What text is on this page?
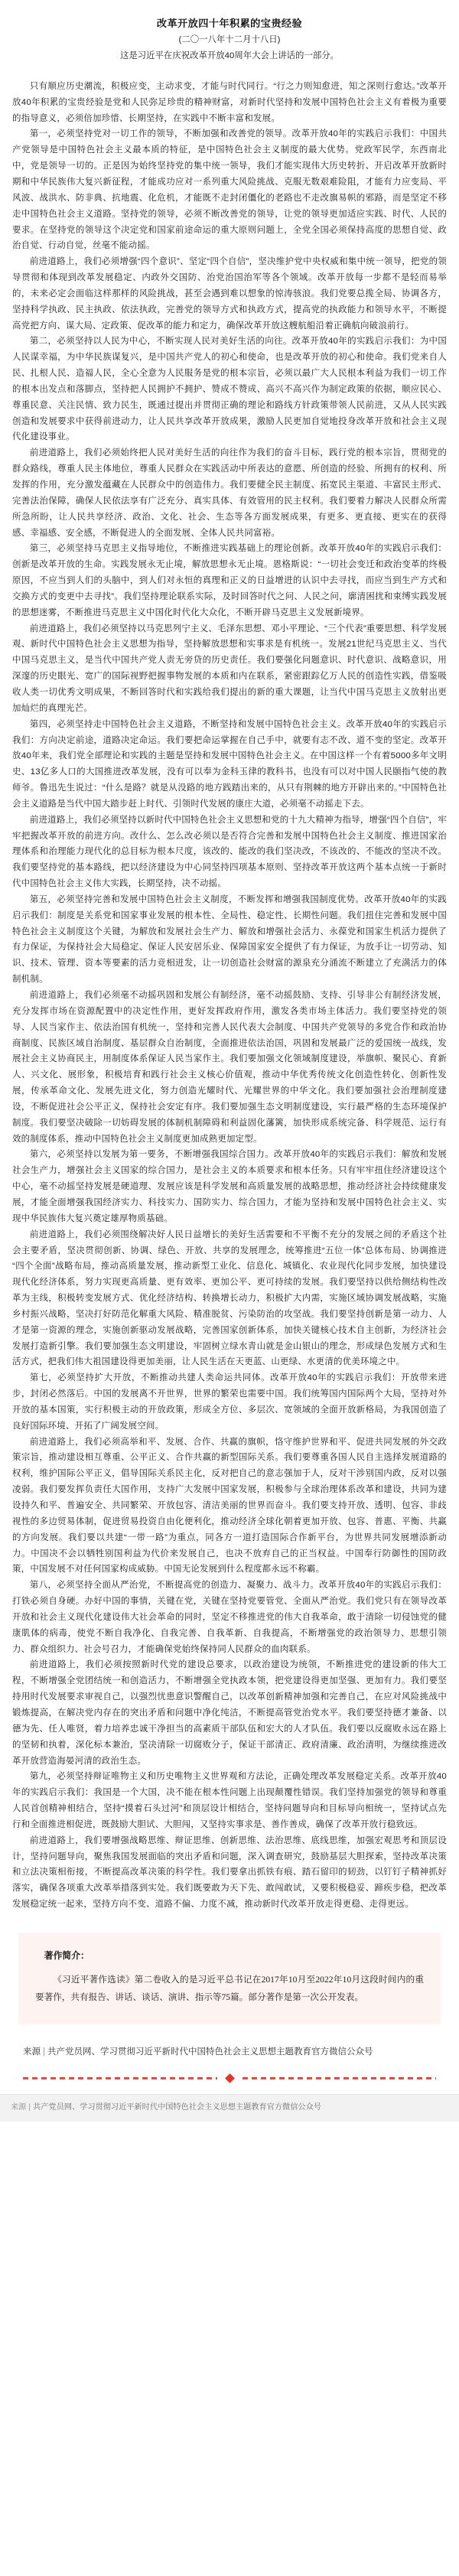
改革开放四十年积累的宝贵经验
(二〇一八年十二月十八日)
这是习近平在庆祝改革开放40周年大会上讲话的一部分。

只有顺应历史潮流，积极应变，主动求变，才能与时代同行。“行之力则知愈进，知之深则行愈达。”改革开放40年积累的宝贵经验是党和人民弥足珍贵的精神财富，对新时代坚持和发展中国特色社会主义有着极为重要的指导意义，必须倍加珍惜、长期坚持，在实践中不断丰富和发展。

第一，必须坚持党对一切工作的领导，不断加强和改善党的领导。改革开放40年的实践启示我们：中国共产党领导是中国特色社会主义最本质的特征，是中国特色社会主义制度的最大优势。党政军民学，东西南北中，党是领导一切的。正是因为始终坚持党的集中统一领导，我们才能实现伟大历史转折、开启改革开放新时期和中华民族伟大复兴新征程，才能成功应对一系列重大风险挑战、克服无数艰难险阻，才能有力应变局、平风波、战洪水、防非典、抗地震、化危机，才能既不走封闭僵化的老路也不走改旗易帜的邪路，而是坚定不移走中国特色社会主义道路。坚持党的领导，必须不断改善党的领导，让党的领导更加适应实践、时代、人民的要求。在坚持党的领导这个决定党和国家前途命运的重大原则问题上，全党全国必须保持高度的思想自觉、政治自觉、行动自觉，丝毫不能动摇。

前进道路上，我们必须增强“四个意识”、坚定“四个自信”，坚决维护党中央权威和集中统一领导，把党的领导贯彻和体现到改革发展稳定、内政外交国防、治党治国治军等各个领域。改革开放每一步都不是轻而易举的，未来必定会面临这样那样的风险挑战，甚至会遇到难以想象的惊涛骇浪。我们党要总揽全局、协调各方，坚持科学执政、民主执政、依法执政，完善党的领导方式和执政方式，提高党的执政能力和领导水平，不断提高党把方向、谋大局、定政策、促改革的能力和定力，确保改革开放这艘航船沿着正确航向破浪前行。

第二，必须坚持以人民为中心，不断实现人民对美好生活的向往。改革开放40年的实践启示我们：为中国人民谋幸福，为中华民族谋复兴，是中国共产党人的初心和使命，也是改革开放的初心和使命。我们党来自人民、扎根人民、造福人民，全心全意为人民服务是党的根本宗旨，必须以最广大人民根本利益为我们一切工作的根本出发点和落脚点，坚持把人民拥护不拥护、赞成不赞成、高兴不高兴作为制定政策的依据，顺应民心、尊重民意、关注民情、致力民生，既通过提出并贯彻正确的理论和路线方针政策带领人民前进，又从人民实践创造和发展要求中获得前进动力，让人民共享改革开放成果，激励人民更加自觉地投身改革开放和社会主义现代化建设事业。

前进道路上，我们必须始终把人民对美好生活的向往作为我们的奋斗目标，践行党的根本宗旨，贯彻党的群众路线，尊重人民主体地位，尊重人民群众在实践活动中所表达的意愿、所创造的经验、所拥有的权利、所发挥的作用，充分激发蕴藏在人民群众中的创造伟力。我们要健全民主制度、拓宽民主渠道、丰富民主形式、完善法治保障，确保人民依法享有广泛充分、真实具体、有效管用的民主权利。我们要着力解决人民群众所需所急所盼，让人民共享经济、政治、文化、社会、生态等各方面发展成果，有更多、更直接、更实在的获得感、幸福感、安全感，不断促进人的全面发展、全体人民共同富裕。

第三，必须坚持马克思主义指导地位，不断推进实践基础上的理论创新。改革开放40年的实践启示我们：创新是改革开放的生命。实践发展永无止境，解放思想永无止境。恩格斯说：“一切社会变迁和政治变革的终极原因，不应当到人们的头脑中，到人们对永恒的真理和正义的日益增进的认识中去寻找，而应当到生产方式和交换方式的变更中去寻找”。我们坚持理论联系实际，及时回答时代之问、人民之问，廓清困扰和束缚实践发展的思想迷雾，不断推进马克思主义中国化时代化大众化，不断开辟马克思主义发展新境界。

前进道路上，我们必须坚持以马克思列宁主义、毛泽东思想、邓小平理论、“三个代表”重要思想、科学发展观、新时代中国特色社会主义思想为指导，坚持解放思想和实事求是有机统一。发展21世纪马克思主义、当代中国马克思主义，是当代中国共产党人责无旁贷的历史责任。我们要强化问题意识、时代意识、战略意识，用深邃的历史眼光、宽广的国际视野把握事物发展的本质和内在联系，紧密跟踪亿万人民的创造性实践，借鉴吸收人类一切优秀文明成果，不断回答时代和实践给我们提出的新的重大课题，让当代中国马克思主义放射出更加灿烂的真理光芒。

第四，必须坚持走中国特色社会主义道路，不断坚持和发展中国特色社会主义。改革开放40年的实践启示我们：方向决定前途，道路决定命运。我们要把命运掌握在自己手中，就要有志不改、道不变的坚定。改革开放40年来，我们党全部理论和实践的主题是坚持和发展中国特色社会主义。在中国这样一个有着5000多年文明史、13亿多人口的大国推进改革发展，没有可以奉为金科玉律的教科书，也没有可以对中国人民颐指气使的教师爷。鲁迅先生说过：“什么是路？就是从没路的地方践踏出来的，从只有荆棘的地方开辟出来的。”中国特色社会主义道路是当代中国大踏步赶上时代、引领时代发展的康庄大道，必须毫不动摇走下去。

前进道路上，我们必须坚持以新时代中国特色社会主义思想和党的十九大精神为指导，增强“四个自信”，牢牢把握改革开放的前进方向。改什么、怎么改必须以是否符合完善和发展中国特色社会主义制度、推进国家治理体系和治理能力现代化的总目标为根本尺度，该改的、能改的我们坚决改，不该改的、不能改的坚决不改。我们要坚持党的基本路线，把以经济建设为中心同坚持四项基本原则、坚持改革开放这两个基本点统一于新时代中国特色社会主义伟大实践，长期坚持，决不动摇。

第五，必须坚持完善和发展中国特色社会主义制度，不断发挥和增强我国制度优势。改革开放40年的实践启示我们：制度是关系党和国家事业发展的根本性、全局性、稳定性、长期性问题。我们扭住完善和发展中国特色社会主义制度这个关键，为解放和发展社会生产力、解放和增强社会活力、永葆党和国家生机活力提供了有力保证，为保持社会大局稳定、保证人民安居乐业、保障国家安全提供了有力保证，为放手让一切劳动、知识、技术、管理、资本等要素的活力竞相迸发，让一切创造社会财富的源泉充分涌流不断建立了充满活力的体制机制。

前进道路上，我们必须毫不动摇巩固和发展公有制经济，毫不动摇鼓励、支持、引导非公有制经济发展，充分发挥市场在资源配置中的决定性作用，更好发挥政府作用，激发各类市场主体活力。我们要坚持党的领导、人民当家作主、依法治国有机统一，坚持和完善人民代表大会制度、中国共产党领导的多党合作和政治协商制度、民族区域自治制度、基层群众自治制度，全面推进依法治国，巩固和发展最广泛的爱国统一战线，发展社会主义协商民主，用制度体系保证人民当家作主。我们要加强文化领域制度建设，举旗帜、聚民心、育新人、兴文化、展形象，积极培育和践行社会主义核心价值观，推动中华优秀传统文化创造性转化、创新性发展，传承革命文化、发展先进文化，努力创造光耀时代、光耀世界的中华文化。我们要加强社会治理制度建设，不断促进社会公平正义，保持社会安定有序。我们要加强生态文明制度建设，实行最严格的生态环境保护制度。我们要坚决破除一切妨碍发展的体制机制障碍和利益固化藩篱，加快形成系统完备、科学规范、运行有效的制度体系，推动中国特色社会主义制度更加成熟更加定型。

第六，必须坚持以发展为第一要务，不断增强我国综合国力。改革开放40年的实践启示我们：解放和发展社会生产力，增强社会主义国家的综合国力，是社会主义的本质要求和根本任务。只有牢牢扭住经济建设这个中心，毫不动摇坚持发展是硬道理、发展应该是科学发展和高质量发展的战略思想，推动经济社会持续健康发展，才能全面增强我国经济实力、科技实力、国防实力、综合国力，才能为坚持和发展中国特色社会主义、实现中华民族伟大复兴奠定雄厚物质基础。

前进道路上，我们必须围绕解决好人民日益增长的美好生活需要和不平衡不充分的发展之间的矛盾这个社会主要矛盾，坚决贯彻创新、协调、绿色、开放、共享的发展理念，统筹推进“五位一体”总体布局、协调推进“四个全面”战略布局，推动高质量发展，推动新型工业化、信息化、城镇化、农业现代化同步发展，加快建设现代化经济体系，努力实现更高质量、更有效率、更加公平、更可持续的发展。我们要坚持以供给侧结构性改革为主线，积极转变发展方式、优化经济结构、转换增长动力，积极扩大内需，实施区域协调发展战略，实施乡村振兴战略，坚决打好防范化解重大风险、精准脱贫、污染防治的攻坚战。我们要坚持创新是第一动力、人才是第一资源的理念，实施创新驱动发展战略，完善国家创新体系，加快关键核心技术自主创新，为经济社会发展打造新引擎。我们要加强生态文明建设，牢固树立绿水青山就是金山银山的理念，形成绿色发展方式和生活方式，把我们伟大祖国建设得更加美丽，让人民生活在天更蓝、山更绿、水更清的优美环境之中。

第七，必须坚持扩大开放，不断推动共建人类命运共同体。改革开放40年的实践启示我们：开放带来进步，封闭必然落后。中国的发展离不开世界，世界的繁荣也需要中国。我们统筹国内国际两个大局，坚持对外开放的基本国策，实行积极主动的开放政策，形成全方位、多层次、宽领域的全面开放新格局，为我国创造了良好国际环境、开拓了广阔发展空间。

前进道路上，我们必须高举和平、发展、合作、共赢的旗帜，恪守维护世界和平、促进共同发展的外交政策宗旨，推动建设相互尊重、公平正义、合作共赢的新型国际关系。我们要尊重各国人民自主选择发展道路的权利，维护国际公平正义，倡导国际关系民主化，反对把自己的意志强加于人，反对干涉别国内政，反对以强凌弱。我们要发挥负责任大国作用，支持广大发展中国家发展，积极参与全球治理体系改革和建设，共同为建设持久和平、普遍安全、共同繁荣、开放包容、清洁美丽的世界而奋斗。我们要支持开放、透明、包容、非歧视性的多边贸易体制，促进贸易投资自由化便利化，推动经济全球化朝着更加开放、包容、普惠、平衡、共赢的方向发展。我们要以共建“一带一路”为重点，同各方一道打造国际合作新平台，为世界共同发展增添新动力。中国决不会以牺牲别国利益为代价来发展自己，也决不放弃自己的正当权益。中国奉行防御性的国防政策，中国发展不对任何国家构成威胁。中国无论发展到什么程度都永远不称霸。

第八，必须坚持全面从严治党，不断提高党的创造力、凝聚力、战斗力。改革开放40年的实践启示我们：打铁必须自身硬。办好中国的事情，关键在党，关键在坚持党要管党、全面从严治党。我们党只有在领导改革开放和社会主义现代化建设伟大社会革命的同时，坚定不移推进党的伟大自我革命，敢于清除一切侵蚀党的健康肌体的病毒，使党不断自我净化、自我完善、自我革新、自我提高，不断增强党的政治领导力、思想引领力、群众组织力、社会号召力，才能确保党始终保持同人民群众的血肉联系。

前进道路上，我们必须按照新时代党的建设总要求，以政治建设为统领，不断推进党的建设新的伟大工程，不断增强全党团结统一和创造活力，不断增强全党执政本领，把党建设得更加坚强、更加有力。我们要坚持用时代发展要求审视自己，以强烈忧患意识警醒自己，以改革创新精神加强和完善自己，在应对风险挑战中锻炼提高，在解决党内存在的突出矛盾和问题中净化纯洁，不断提高管党治党水平。我们要坚持德才兼备、以德为先、任人唯贤，着力培养忠诚干净担当的高素质干部队伍和宏大的人才队伍。我们要以反腐败永远在路上的坚韧和执着，深化标本兼治，坚决清除一切腐败分子，保证干部清正、政府清廉、政治清明，为继续推进改革开放营造海晏河清的政治生态。

第九，必须坚持辩证唯物主义和历史唯物主义世界观和方法论，正确处理改革发展稳定关系。改革开放40年的实践启示我们：我国是一个大国，决不能在根本性问题上出现颠覆性错误。我们坚持加强党的领导和尊重人民首创精神相结合，坚持“摸着石头过河”和顶层设计相结合，坚持问题导向和目标导向相统一，坚持试点先行和全面推进相促进，既鼓励大胆试、大胆闯，又坚持实事求是、善作善成，确保了改革开放行稳致远。

前进道路上，我们要增强战略思维、辩证思维、创新思维、法治思维、底线思维，加强宏观思考和顶层设计，坚持问题导向，聚焦我国发展面临的突出矛盾和问题，深入调查研究，鼓励基层大胆探索，坚持改革决策和立法决策相衔接，不断提高改革决策的科学性。我们要拿出抓铁有痕、踏石留印的韧劲，以钉钉子精神抓好落实，确保各项重大改革举措落到实处。我们既要敢为天下先、敢闯敢试，又要积极稳妥、蹄疾步稳，把改革发展稳定统一起来，坚持方向不变、道路不偏、力度不减，推动新时代改革开放走得更稳、走得更远。

著作简介：

《习近平著作选读》第二卷收入的是习近平总书记在2017年10月至2022年10月这段时间内的重要著作，共有报告、讲话、谈话、演讲、指示等75篇。部分著作是第一次公开发表。

来源 | 共产党员网、学习贯彻习近平新时代中国特色社会主义思想主题教育官方微信公众号
来源 | 共产党员网、学习贯彻习近平新时代中国特色社会主义思想主题教育官方微信公众号
